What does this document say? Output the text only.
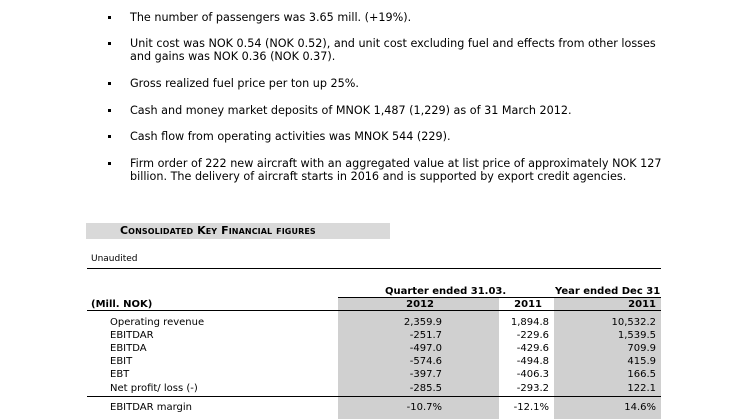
The number of passengers was 3.65 mill. (+19%).
Unit cost was NOK 0.54 (NOK 0.52), and unit cost excluding fuel and effects from other losses
and gains was NOK 0.36 (NOK 0.37).
Gross realized fuel price per ton up 25%.
Cash and money market deposits of MNOK 1,487 (1,229) as of 31 March 2012.
Cash flow from operating activities was MNOK 544 (229).
Firm order of 222 new aircraft with an aggregated value at list price of approximately NOK 127
billion. The delivery of aircraft starts in 2016 and is supported by export credit agencies.
Consolidated Key Financial figures
Unaudited
Quarter ended 31.03.	Year ended Dec 31
(Mill. NOK)	2012	2011	2011
Operating revenue	2,359.9	1,894.8	10,532.2
EBITDAR	-251.7	-229.6	1,539.5
EBITDA	-497.0	-429.6	709.9
EBIT	-574.6	-494.8	415.9
EBT	-397.7	-406.3	166.5
Net profit/ loss (-)	-285.5	-293.2	122.1
EBITDAR margin	-10.7%	-12.1%	14.6%
